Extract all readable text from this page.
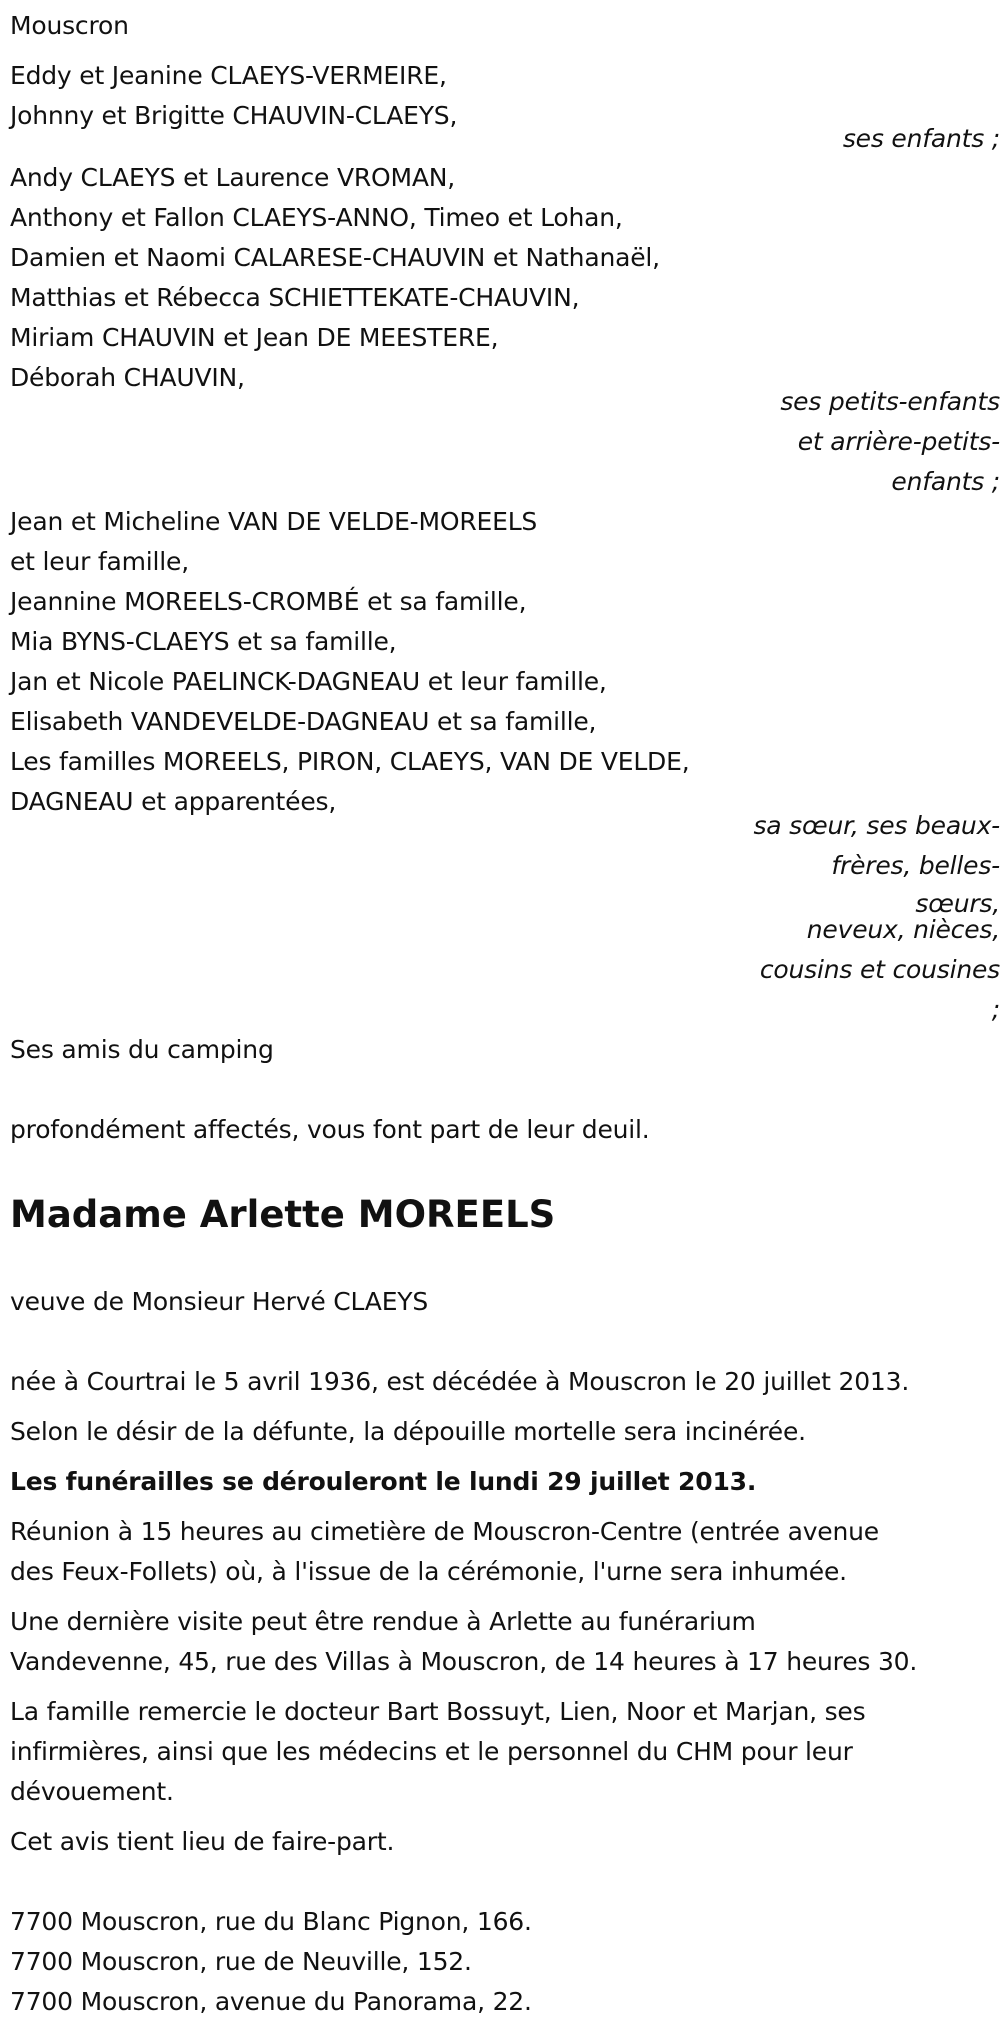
Mouscron
Eddy et Jeanine CLAEYS-VERMEIRE,
Johnny et Brigitte CHAUVIN-CLAEYS,
ses enfants ;
Andy CLAEYS et Laurence VROMAN,
Anthony et Fallon CLAEYS-ANNO, Timeo et Lohan,
Damien et Naomi CALARESE-CHAUVIN et Nathanaël,
Matthias et Rébecca SCHIETTEKATE-CHAUVIN,
Miriam CHAUVIN et Jean DE MEESTERE,
Déborah CHAUVIN,
ses petits-enfants
et arrière-petits-
enfants ;
Jean et Micheline VAN DE VELDE-MOREELS
et leur famille,
Jeannine MOREELS-CROMBÉ et sa famille,
Mia BYNS-CLAEYS et sa famille,
Jan et Nicole PAELINCK-DAGNEAU et leur famille,
Elisabeth VANDEVELDE-DAGNEAU et sa famille,
Les familles MOREELS, PIRON, CLAEYS, VAN DE VELDE,
DAGNEAU et apparentées,
sa sœur, ses beaux-
frères, belles-
sœurs,
neveux, nièces,
cousins et cousines
;
Ses amis du camping
profondément affectés, vous font part de leur deuil.
Madame Arlette MOREELS
veuve de Monsieur Hervé CLAEYS
née à Courtrai le 5 avril 1936, est décédée à Mouscron le 20 juillet 2013.
Selon le désir de la défunte, la dépouille mortelle sera incinérée.
Les funérailles se dérouleront le lundi 29 juillet 2013.
Réunion à 15 heures au cimetière de Mouscron-Centre (entrée avenue
des Feux-Follets) où, à l'issue de la cérémonie, l'urne sera inhumée.
Une dernière visite peut être rendue à Arlette au funérarium
Vandevenne, 45, rue des Villas à Mouscron, de 14 heures à 17 heures 30.
La famille remercie le docteur Bart Bossuyt, Lien, Noor et Marjan, ses
infirmières, ainsi que les médecins et le personnel du CHM pour leur
dévouement.
Cet avis tient lieu de faire-part.
7700 Mouscron, rue du Blanc Pignon, 166.
7700 Mouscron, rue de Neuville, 152.
7700 Mouscron, avenue du Panorama, 22.
